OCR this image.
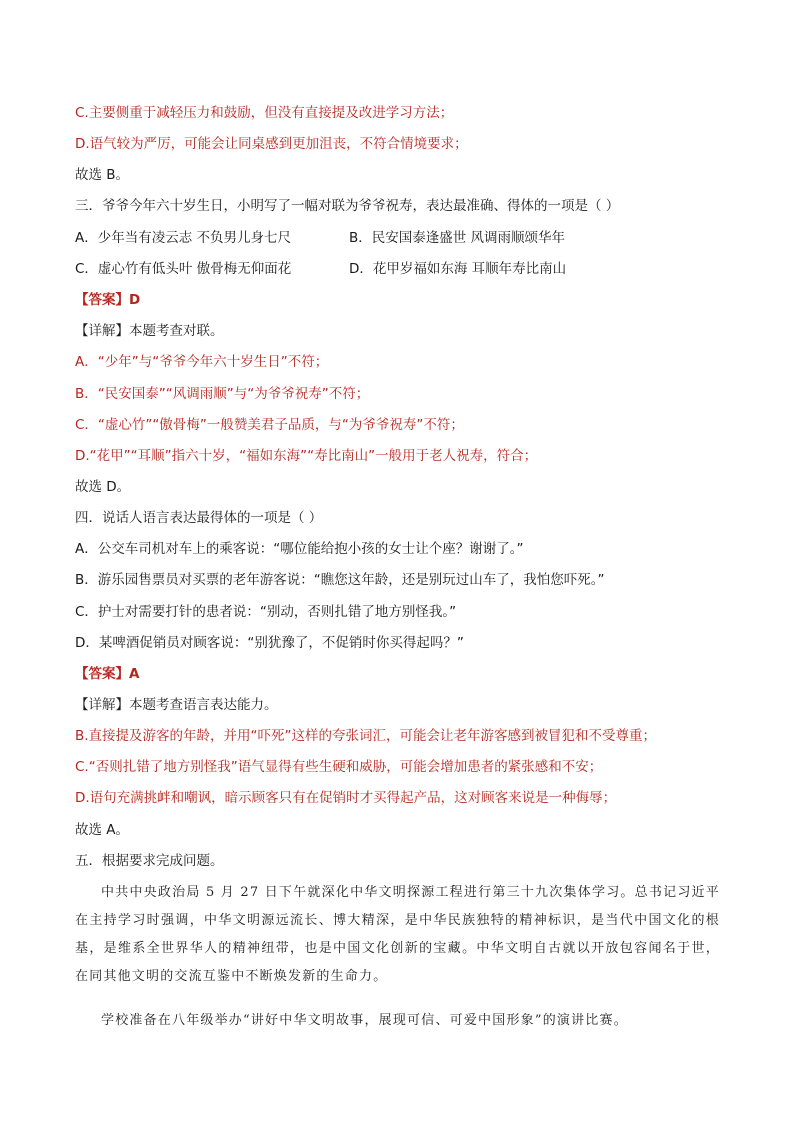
C.主要侧重于减轻压力和鼓励，但没有直接提及改进学习方法；
D.语气较为严厉，可能会让同桌感到更加沮丧，不符合情境要求；
故选 B。
三．爷爷今年六十岁生日，小明写了一幅对联为爷爷祝寿，表达最准确、得体的一项是（ ）
A．少年当有凌云志 不负男儿身七尺	B．民安国泰逢盛世 风调雨顺颂华年
C．虚心竹有低头叶 傲骨梅无仰面花	D．花甲岁福如东海 耳顺年寿比南山
【答案】D
【详解】本题考查对联。
A．“少年”与“爷爷今年六十岁生日”不符；
B．“民安国泰”“风调雨顺”与“为爷爷祝寿”不符；
C．“虚心竹”“傲骨梅”一般赞美君子品质，与“为爷爷祝寿”不符；
D.“花甲”“耳顺”指六十岁，“福如东海”“寿比南山”一般用于老人祝寿，符合；
故选 D。
四．说话人语言表达最得体的一项是（ ）
A．公交车司机对车上的乘客说：“哪位能给抱小孩的女士让个座？谢谢了。”
B．游乐园售票员对买票的老年游客说：“瞧您这年龄，还是别玩过山车了，我怕您吓死。”
C．护士对需要打针的患者说：“别动，否则扎错了地方别怪我。”
D．某啤酒促销员对顾客说：“别犹豫了，不促销时你买得起吗？”
【答案】A
【详解】本题考查语言表达能力。
B.直接提及游客的年龄，并用“吓死”这样的夸张词汇，可能会让老年游客感到被冒犯和不受尊重；
C.“否则扎错了地方别怪我”语气显得有些生硬和威胁，可能会增加患者的紧张感和不安；
D.语句充满挑衅和嘲讽，暗示顾客只有在促销时才买得起产品，这对顾客来说是一种侮辱；
故选 A。
五．根据要求完成问题。

中共中央政治局 5 月 27 日下午就深化中华文明探源工程进行第三十九次集体学习。总书记习近平在主持学习时强调，中华文明源远流长、博大精深，是中华民族独特的精神标识，是当代中国文化的根基，是维系全世界华人的精神纽带，也是中国文化创新的宝藏。中华文明自古就以开放包容闻名于世，在同其他文明的交流互鉴中不断焕发新的生命力。

学校准备在八年级举办“讲好中华文明故事，展现可信、可爱中国形象”的演讲比赛。
